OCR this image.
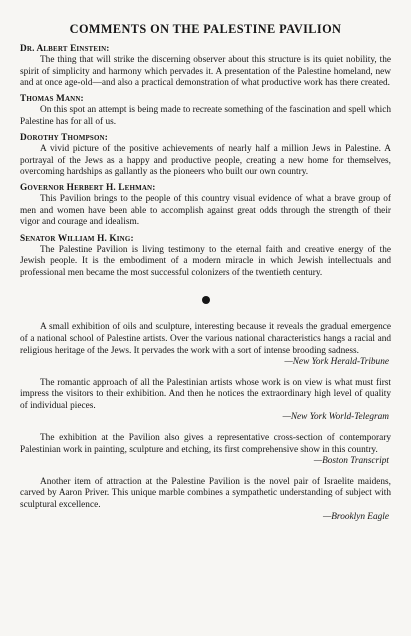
COMMENTS ON THE PALESTINE PAVILION
Dr. Albert Einstein:

The thing that will strike the discerning observer about this structure is its quiet nobility, the spirit of simplicity and harmony which pervades it. A presentation of the Palestine homeland, new and at once age-old—and also a practical demonstration of what productive work has there created.

Thomas Mann:

On this spot an attempt is being made to recreate something of the fascination and spell which Palestine has for all of us.

Dorothy Thompson:

A vivid picture of the positive achievements of nearly half a million Jews in Palestine. A portrayal of the Jews as a happy and productive people, creating a new home for themselves, overcoming hardships as gallantly as the pioneers who built our own country.

Governor Herbert H. Lehman:

This Pavilion brings to the people of this country visual evidence of what a brave group of men and women have been able to accomplish against great odds through the strength of their vigor and courage and idealism.

Senator William H. King:

The Palestine Pavilion is living testimony to the eternal faith and creative energy of the Jewish people. It is the embodiment of a modern miracle in which Jewish intellectuals and professional men became the most successful colonizers of the twentieth century.

A small exhibition of oils and sculpture, interesting because it reveals the gradual emergence of a national school of Palestine artists. Over the various national characteristics hangs a racial and religious heritage of the Jews. It pervades the work with a sort of intense brooding sadness.

—New York Herald-Tribune

The romantic approach of all the Palestinian artists whose work is on view is what must first impress the visitors to their exhibition. And then he notices the extraordinary high level of quality of individual pieces.

—New York World-Telegram

The exhibition at the Pavilion also gives a representative cross-section of contemporary Palestinian work in painting, sculpture and etching, its first comprehensive show in this country.

—Boston Transcript

Another item of attraction at the Palestine Pavilion is the novel pair of Israelite maidens, carved by Aaron Priver. This unique marble combines a sympathetic understanding of subject with sculptural excellence.

—Brooklyn Eagle
